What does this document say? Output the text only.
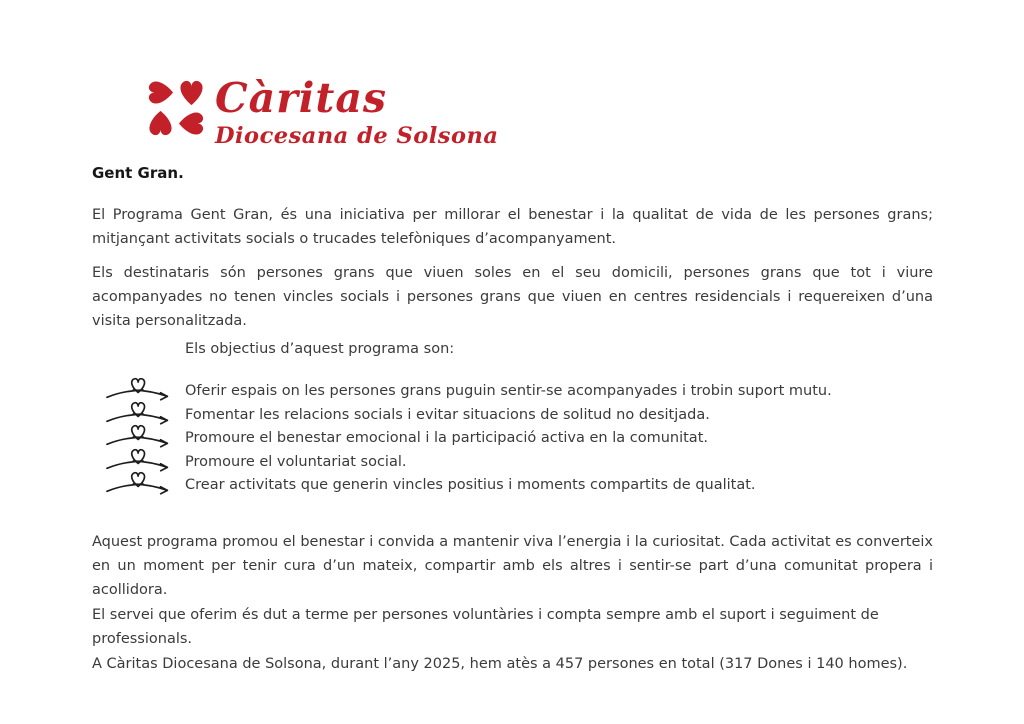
Càritas
Diocesana de Solsona
Gent Gran.
El Programa Gent Gran, és una iniciativa per millorar el benestar i la qualitat de vida de les persones grans; mitjançant activitats socials o trucades telefòniques d’acompanyament.
Els destinataris són persones grans que viuen soles en el seu domicili, persones grans que tot i viure acompanyades no tenen vincles socials i persones grans que viuen en centres residencials i requereixen d’una visita personalitzada.
Els objectius d’aquest programa son:
Oferir espais on les persones grans puguin sentir-se acompanyades i trobin suport mutu.
Fomentar les relacions socials i evitar situacions de solitud no desitjada.
Promoure el benestar emocional i la participació activa en la comunitat.
Promoure el voluntariat social.
Crear activitats que generin vincles positius i moments compartits de qualitat.
Aquest programa promou el benestar i convida a mantenir viva l’energia i la curiositat. Cada activitat es converteix en un moment per tenir cura d’un mateix, compartir amb els altres i sentir-se part d’una comunitat propera i acollidora.
El servei que oferim és dut a terme per persones voluntàries i compta sempre amb el suport i seguiment de professionals.
A Càritas Diocesana de Solsona, durant l’any 2025, hem atès a 457 persones en total (317 Dones i 140 homes).
